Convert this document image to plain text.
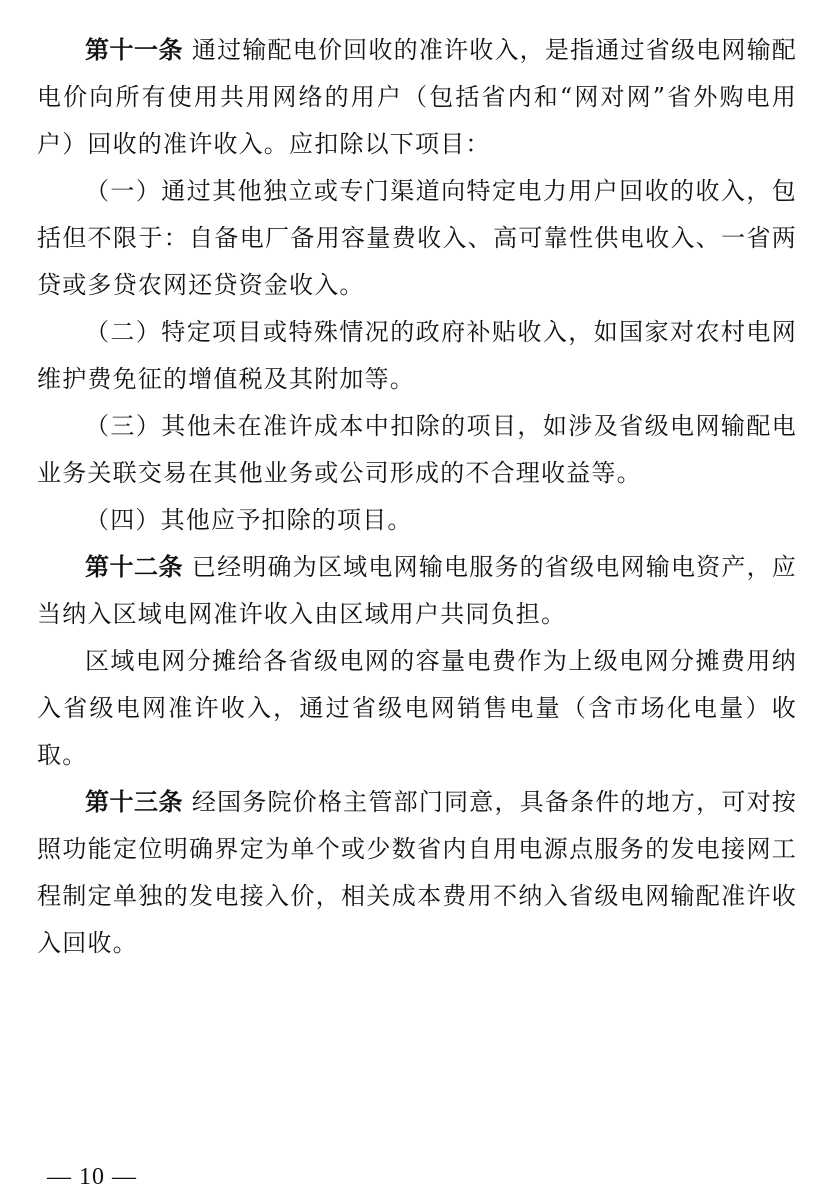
第十一条 通过输配电价回收的准许收入，是指通过省级电网输配电价向所有使用共用网络的用户（包括省内和“网对网”省外购电用户）回收的准许收入。应扣除以下项目：

（一）通过其他独立或专门渠道向特定电力用户回收的收入，包括但不限于：自备电厂备用容量费收入、高可靠性供电收入、一省两贷或多贷农网还贷资金收入。

（二）特定项目或特殊情况的政府补贴收入，如国家对农村电网维护费免征的增值税及其附加等。

（三）其他未在准许成本中扣除的项目，如涉及省级电网输配电业务关联交易在其他业务或公司形成的不合理收益等。

（四）其他应予扣除的项目。

第十二条 已经明确为区域电网输电服务的省级电网输电资产，应当纳入区域电网准许收入由区域用户共同负担。

区域电网分摊给各省级电网的容量电费作为上级电网分摊费用纳入省级电网准许收入，通过省级电网销售电量（含市场化电量）收取。

第十三条 经国务院价格主管部门同意，具备条件的地方，可对按照功能定位明确界定为单个或少数省内自用电源点服务的发电接网工程制定单独的发电接入价，相关成本费用不纳入省级电网输配准许收入回收。

— 10 —
